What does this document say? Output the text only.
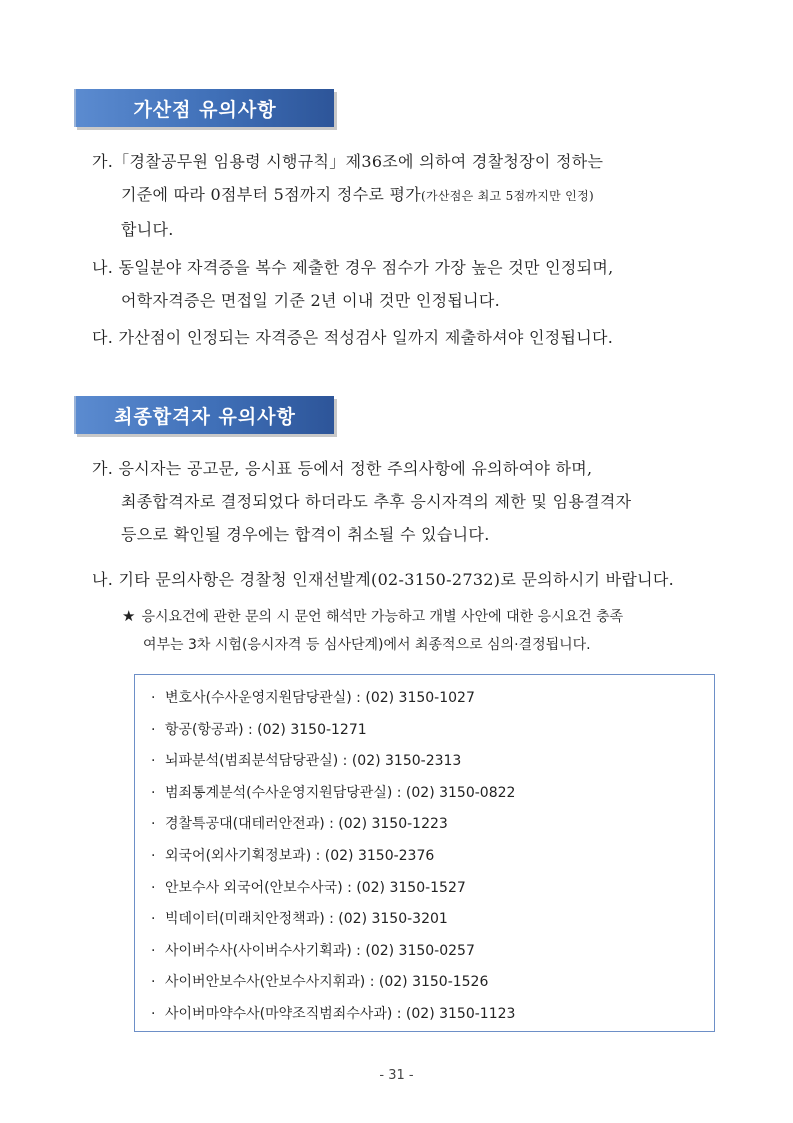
가산점 유의사항
가.「경찰공무원 임용령 시행규칙」제36조에 의하여 경찰청장이 정하는
기준에 따라 0점부터 5점까지 정수로 평가(가산점은 최고 5점까지만 인정)
합니다.
나. 동일분야 자격증을 복수 제출한 경우 점수가 가장 높은 것만 인정되며,
어학자격증은 면접일 기준 2년 이내 것만 인정됩니다.
다. 가산점이 인정되는 자격증은 적성검사 일까지 제출하셔야 인정됩니다.
최종합격자 유의사항
가. 응시자는 공고문, 응시표 등에서 정한 주의사항에 유의하여야 하며,
최종합격자로 결정되었다 하더라도 추후 응시자격의 제한 및 임용결격자
등으로 확인될 경우에는 합격이 취소될 수 있습니다.
나. 기타 문의사항은 경찰청 인재선발계(02-3150-2732)로 문의하시기 바랍니다.
★ 응시요건에 관한 문의 시 문언 해석만 가능하고 개별 사안에 대한 응시요건 충족
여부는 3차 시험(응시자격 등 심사단계)에서 최종적으로 심의·결정됩니다.
· 변호사(수사운영지원담당관실) : (02) 3150-1027
· 항공(항공과) : (02) 3150-1271
· 뇌파분석(범죄분석담당관실) : (02) 3150-2313
· 범죄통계분석(수사운영지원담당관실) : (02) 3150-0822
· 경찰특공대(대테러안전과) : (02) 3150-1223
· 외국어(외사기획정보과) : (02) 3150-2376
· 안보수사 외국어(안보수사국) : (02) 3150-1527
· 빅데이터(미래치안정책과) : (02) 3150-3201
· 사이버수사(사이버수사기획과) : (02) 3150-0257
· 사이버안보수사(안보수사지휘과) : (02) 3150-1526
· 사이버마약수사(마약조직범죄수사과) : (02) 3150-1123
- 31 -
